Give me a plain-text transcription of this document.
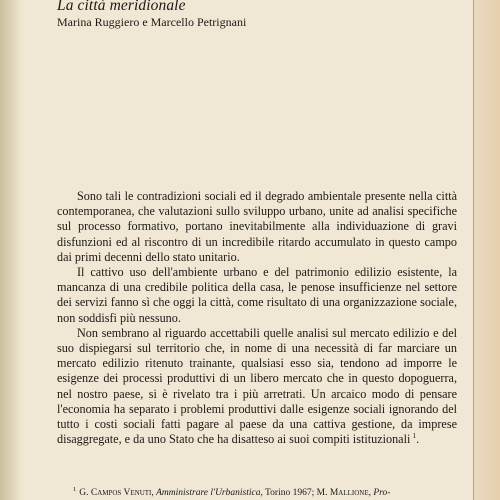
La città meridionale

Marina Ruggiero e Marcello Petrignani

Sono tali le contradizioni sociali ed il degrado ambientale presente nella città contemporanea, che valutazioni sullo sviluppo urbano, unite ad analisi specifiche sul processo formativo, portano inevitabilmente alla individuazione di gravi disfunzioni ed al riscontro di un incredibile ritardo accumulato in questo campo dai primi decenni dello stato unitario.

Il cattivo uso dell'ambiente urbano e del patrimonio edilizio esistente, la mancanza di una credibile politica della casa, le penose insufficienze nel settore dei servizi fanno sì che oggi la città, come risultato di una organizzazione sociale, non soddisfi più nessuno.

Non sembrano al riguardo accettabili quelle analisi sul mercato edilizio e del suo dispiegarsi sul territorio che, in nome di una necessità di far marciare un mercato edilizio ritenuto trainante, qualsiasi esso sia, tendono ad imporre le esigenze dei processi produttivi di un libero mercato che in questo dopoguerra, nel nostro paese, si è rivelato tra i più arretrati. Un arcaico modo di pensare l'economia ha separato i problemi produttivi dalle esigenze sociali ignorando del tutto i costi sociali fatti pagare al paese da una cattiva gestione, da imprese disaggregate, e da uno Stato che ha disatteso ai suoi compiti istituzionali $^1$.

$^1$ G. Campos Venuti, Amministrare l'Urbanistica, Torino 1967; M. Mallione, Pro-
